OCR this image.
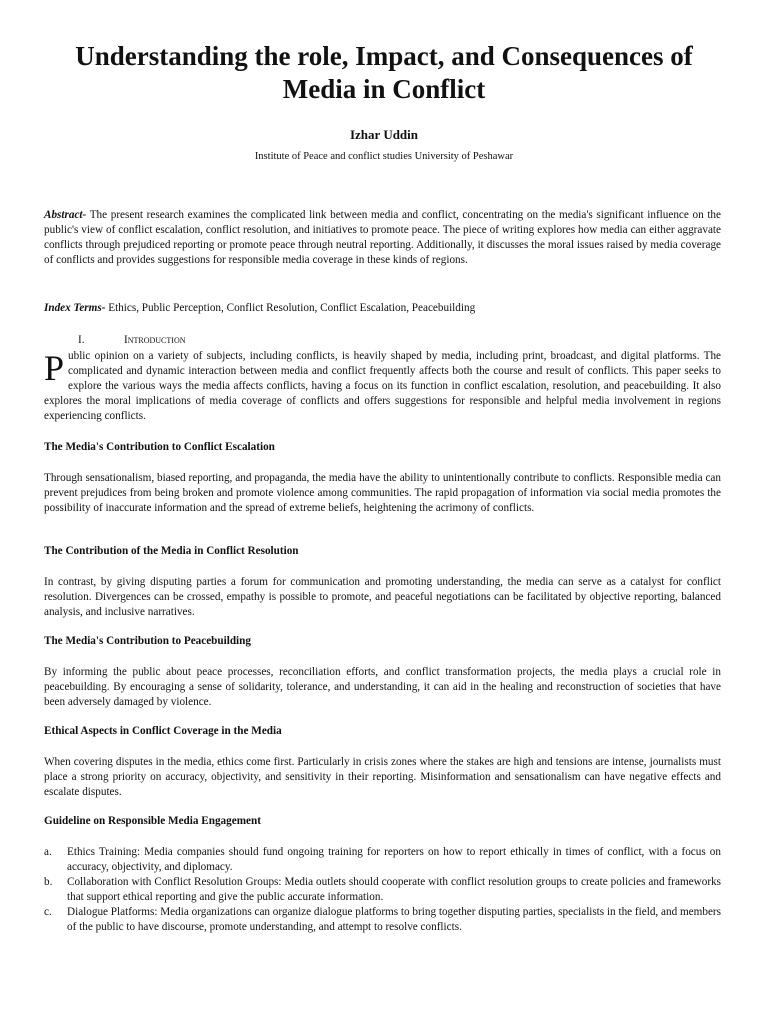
Understanding the role, Impact, and Consequences of Media in Conflict
Izhar Uddin
Institute of Peace and conflict studies University of Peshawar
Abstract- The present research examines the complicated link between media and conflict, concentrating on the media's significant influence on the public's view of conflict escalation, conflict resolution, and initiatives to promote peace. The piece of writing explores how media can either aggravate conflicts through prejudiced reporting or promote peace through neutral reporting. Additionally, it discusses the moral issues raised by media coverage of conflicts and provides suggestions for responsible media coverage in these kinds of regions.
Index Terms- Ethics, Public Perception, Conflict Resolution, Conflict Escalation, Peacebuilding
I.	Introduction
Public opinion on a variety of subjects, including conflicts, is heavily shaped by media, including print, broadcast, and digital platforms. The complicated and dynamic interaction between media and conflict frequently affects both the course and result of conflicts. This paper seeks to explore the various ways the media affects conflicts, having a focus on its function in conflict escalation, resolution, and peacebuilding. It also explores the moral implications of media coverage of conflicts and offers suggestions for responsible and helpful media involvement in regions experiencing conflicts.
The Media's Contribution to Conflict Escalation
Through sensationalism, biased reporting, and propaganda, the media have the ability to unintentionally contribute to conflicts. Responsible media can prevent prejudices from being broken and promote violence among communities. The rapid propagation of information via social media promotes the possibility of inaccurate information and the spread of extreme beliefs, heightening the acrimony of conflicts.
The Contribution of the Media in Conflict Resolution
In contrast, by giving disputing parties a forum for communication and promoting understanding, the media can serve as a catalyst for conflict resolution. Divergences can be crossed, empathy is possible to promote, and peaceful negotiations can be facilitated by objective reporting, balanced analysis, and inclusive narratives.
The Media's Contribution to Peacebuilding
By informing the public about peace processes, reconciliation efforts, and conflict transformation projects, the media plays a crucial role in peacebuilding. By encouraging a sense of solidarity, tolerance, and understanding, it can aid in the healing and reconstruction of societies that have been adversely damaged by violence.
Ethical Aspects in Conflict Coverage in the Media
When covering disputes in the media, ethics come first. Particularly in crisis zones where the stakes are high and tensions are intense, journalists must place a strong priority on accuracy, objectivity, and sensitivity in their reporting. Misinformation and sensationalism can have negative effects and escalate disputes.
Guideline on Responsible Media Engagement
a. Ethics Training: Media companies should fund ongoing training for reporters on how to report ethically in times of conflict, with a focus on accuracy, objectivity, and diplomacy.
b. Collaboration with Conflict Resolution Groups: Media outlets should cooperate with conflict resolution groups to create policies and frameworks that support ethical reporting and give the public accurate information.
c. Dialogue Platforms: Media organizations can organize dialogue platforms to bring together disputing parties, specialists in the field, and members of the public to have discourse, promote understanding, and attempt to resolve conflicts.
